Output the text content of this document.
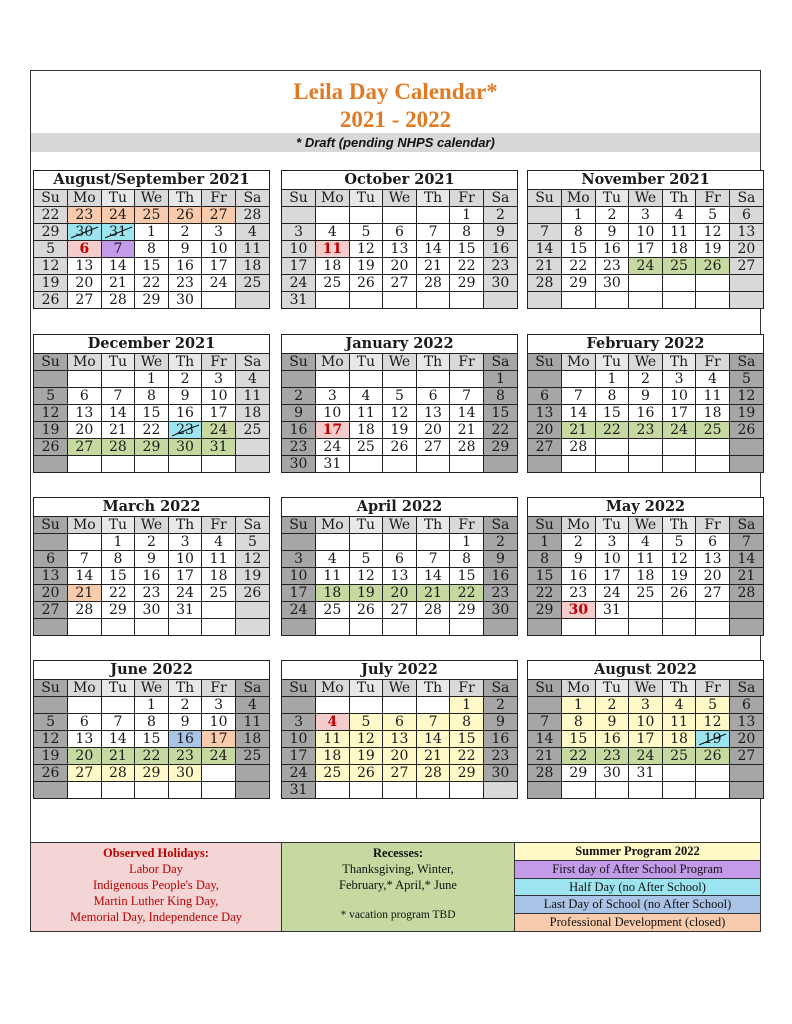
Leila Day Calendar*
2021 - 2022
* Draft (pending NHPS calendar)
August/September 2021
Su	Mo	Tu	We	Th	Fr	Sa
22	23	24	25	26	27	28
29	30	31	1	2	3	4
5	6	7	8	9	10	11
12	13	14	15	16	17	18
19	20	21	22	23	24	25
26	27	28	29	30		
October 2021
Su	Mo	Tu	We	Th	Fr	Sa
					1	2
3	4	5	6	7	8	9
10	11	12	13	14	15	16
17	18	19	20	21	22	23
24	25	26	27	28	29	30
31						
November 2021
Su	Mo	Tu	We	Th	Fr	Sa
	1	2	3	4	5	6
7	8	9	10	11	12	13
14	15	16	17	18	19	20
21	22	23	24	25	26	27
28	29	30				

December 2021
Su	Mo	Tu	We	Th	Fr	Sa
			1	2	3	4
5	6	7	8	9	10	11
12	13	14	15	16	17	18
19	20	21	22	23	24	25
26	27	28	29	30	31	

January 2022
Su	Mo	Tu	We	Th	Fr	Sa
						1
2	3	4	5	6	7	8
9	10	11	12	13	14	15
16	17	18	19	20	21	22
23	24	25	26	27	28	29
30	31					
February 2022
Su	Mo	Tu	We	Th	Fr	Sa
		1	2	3	4	5
6	7	8	9	10	11	12
13	14	15	16	17	18	19
20	21	22	23	24	25	26
27	28					

March 2022
Su	Mo	Tu	We	Th	Fr	Sa
		1	2	3	4	5
6	7	8	9	10	11	12
13	14	15	16	17	18	19
20	21	22	23	24	25	26
27	28	29	30	31		

April 2022
Su	Mo	Tu	We	Th	Fr	Sa
					1	2
3	4	5	6	7	8	9
10	11	12	13	14	15	16
17	18	19	20	21	22	23
24	25	26	27	28	29	30

May 2022
Su	Mo	Tu	We	Th	Fr	Sa
1	2	3	4	5	6	7
8	9	10	11	12	13	14
15	16	17	18	19	20	21
22	23	24	25	26	27	28
29	30	31				

June 2022
Su	Mo	Tu	We	Th	Fr	Sa
			1	2	3	4
5	6	7	8	9	10	11
12	13	14	15	16	17	18
19	20	21	22	23	24	25
26	27	28	29	30		

July 2022
Su	Mo	Tu	We	Th	Fr	Sa
					1	2
3	4	5	6	7	8	9
10	11	12	13	14	15	16
17	18	19	20	21	22	23
24	25	26	27	28	29	30
31						
August 2022
Su	Mo	Tu	We	Th	Fr	Sa
	1	2	3	4	5	6
7	8	9	10	11	12	13
14	15	16	17	18	19	20
21	22	23	24	25	26	27
28	29	30	31			

Observed Holidays:
Labor Day
Indigenous People's Day,
Martin Luther King Day,
Memorial Day, Independence Day
Recesses:
Thanksgiving, Winter,
February,* April,* June
* vacation program TBD
Summer Program 2022
First day of After School Program
Half Day (no After School)
Last Day of School (no After School)
Professional Development (closed)
